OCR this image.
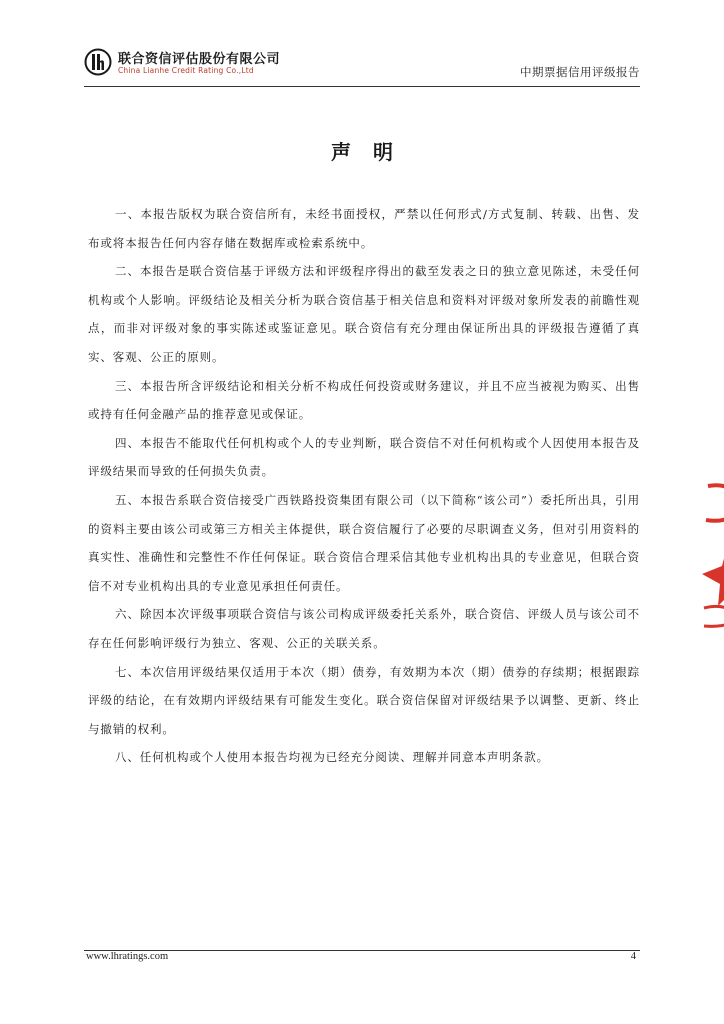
联合资信评估股份有限公司
China Lianhe Credit Rating Co.,Ltd	中期票据信用评级报告
声明

一、本报告版权为联合资信所有，未经书面授权，严禁以任何形式/方式复制、转载、出售、发布或将本报告任何内容存储在数据库或检索系统中。

二、本报告是联合资信基于评级方法和评级程序得出的截至发表之日的独立意见陈述，未受任何机构或个人影响。评级结论及相关分析为联合资信基于相关信息和资料对评级对象所发表的前瞻性观点，而非对评级对象的事实陈述或鉴证意见。联合资信有充分理由保证所出具的评级报告遵循了真实、客观、公正的原则。

三、本报告所含评级结论和相关分析不构成任何投资或财务建议，并且不应当被视为购买、出售或持有任何金融产品的推荐意见或保证。

四、本报告不能取代任何机构或个人的专业判断，联合资信不对任何机构或个人因使用本报告及评级结果而导致的任何损失负责。

五、本报告系联合资信接受广西铁路投资集团有限公司（以下简称“该公司”）委托所出具，引用的资料主要由该公司或第三方相关主体提供，联合资信履行了必要的尽职调查义务，但对引用资料的真实性、准确性和完整性不作任何保证。联合资信合理采信其他专业机构出具的专业意见，但联合资信不对专业机构出具的专业意见承担任何责任。

六、除因本次评级事项联合资信与该公司构成评级委托关系外，联合资信、评级人员与该公司不存在任何影响评级行为独立、客观、公正的关联关系。

七、本次信用评级结果仅适用于本次（期）债券，有效期为本次（期）债券的存续期；根据跟踪评级的结论，在有效期内评级结果有可能发生变化。联合资信保留对评级结果予以调整、更新、终止与撤销的权利。

八、任何机构或个人使用本报告均视为已经充分阅读、理解并同意本声明条款。

www.lhratings.com	4
